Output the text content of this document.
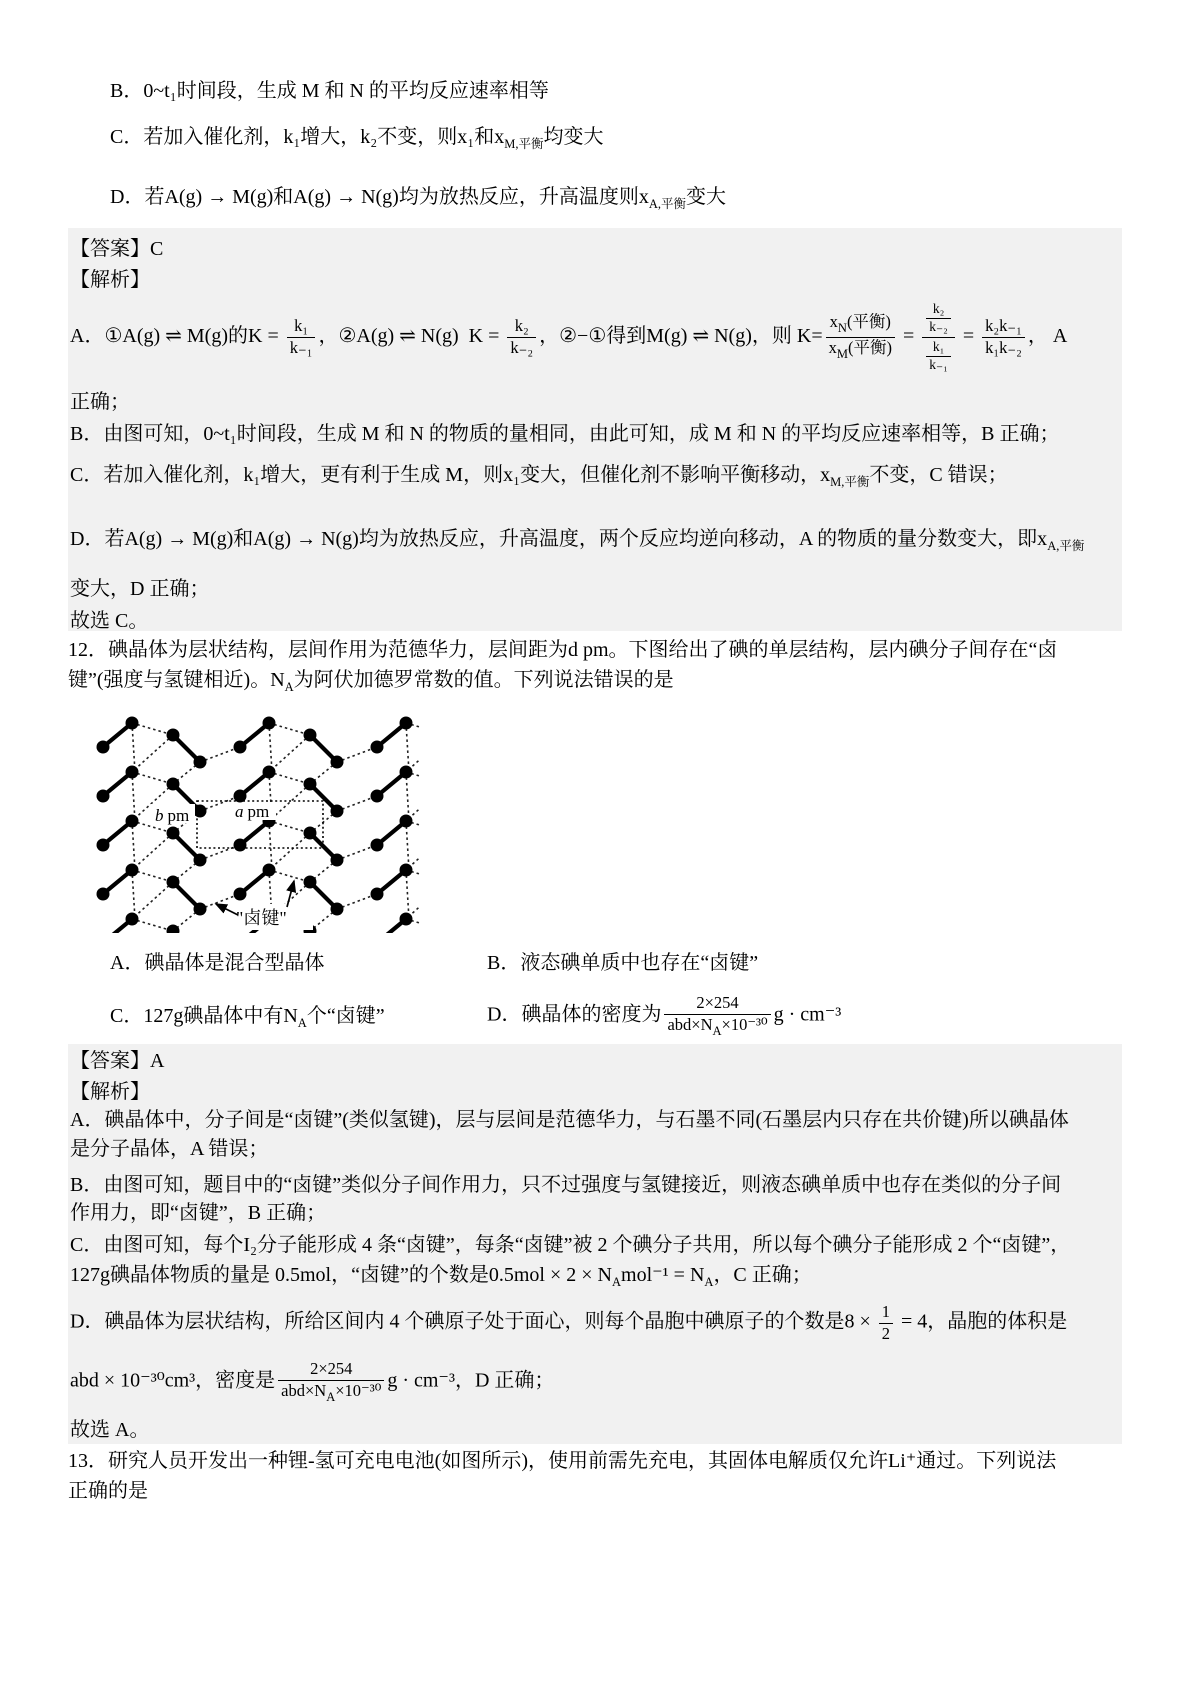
B．0~t₁时间段，生成 M 和 N 的平均反应速率相等
C．若加入催化剂，k₁增大，k₂不变，则x₁和$x_{M,平衡}$均变大
D．若A(g) → M(g)和A(g) → N(g)均为放热反应，升高温度则$x_{A,平衡}$变大
【答案】C
【解析】
A．①A(g) ⇌ M(g)的$K = \frac{\text{k₁}}{\text{k₋₁}}$ ，②A(g) ⇌ N(g)  $K = \frac{\text{k₂}}{\text{k₋₂}}$ ，②−①得到M(g) ⇌ N(g)，则 $K= \frac{x_N(平衡)}{x_M(平衡)} = \frac{\frac{\text{k₂}}{\text{k₋₂}}}{\frac{\text{k₁}}{\text{k₋₁}}} = \frac{\text{k₂k₋₁}}{\text{k₁k₋₂}}$ ， A
正确；
B．由图可知，0~t₁时间段，生成 M 和 N 的物质的量相同，由此可知，成 M 和 N 的平均反应速率相等，B 正确；
C．若加入催化剂，k₁增大，更有利于生成 M，则x₁变大，但催化剂不影响平衡移动，$x_{M,平衡}$不变，C 错误；
D．若A(g) → M(g)和A(g) → N(g)均为放热反应，升高温度，两个反应均逆向移动，A 的物质的量分数变大，即$x_{A,平衡}$
变大，D 正确；
故选 C。
12．碘晶体为层状结构，层间作用为范德华力，层间距为d pm。下图给出了碘的单层结构，层内碘分子间存在“卤
键”(强度与氢键相近)。$N_A$为阿伏加德罗常数的值。下列说法错误的是
A．碘晶体是混合型晶体	B．液态碘单质中也存在“卤键”
C．127g碘晶体中有$N_A$个“卤键”	D．碘晶体的密度为 $\frac{2\times 254}{abd\times N_A\times 10^{-30}}$ g · cm⁻³
【答案】A
【解析】
A．碘晶体中，分子间是“卤键”(类似氢键)，层与层间是范德华力，与石墨不同(石墨层内只存在共价键)所以碘晶体
是分子晶体，A 错误；
B．由图可知，题目中的“卤键”类似分子间作用力，只不过强度与氢键接近，则液态碘单质中也存在类似的分子间
作用力，即“卤键”，B 正确；
C．由图可知，每个I₂分子能形成 4 条“卤键”，每条“卤键”被 2 个碘分子共用，所以每个碘分子能形成 2 个“卤键”，
127g碘晶体物质的量是 0.5mol，“卤键”的个数是$0.5mol \times 2 \times N_Amol^{-1} = N_A$，C 正确；
D．碘晶体为层状结构，所给区间内 4 个碘原子处于面心，则每个晶胞中碘原子的个数是$8 \times \frac{1}{2} = 4$，晶胞的体积是
abd × 10⁻³⁰cm³，密度是 $\frac{2\times 254}{abd\times N_A\times 10^{-30}}$ g · cm⁻³，D 正确；
故选 A。
13．研究人员开发出一种锂-氢可充电电池(如图所示)，使用前需先充电，其固体电解质仅允许Li⁺通过。下列说法
正确的是
a pm
b pm
"卤键"
